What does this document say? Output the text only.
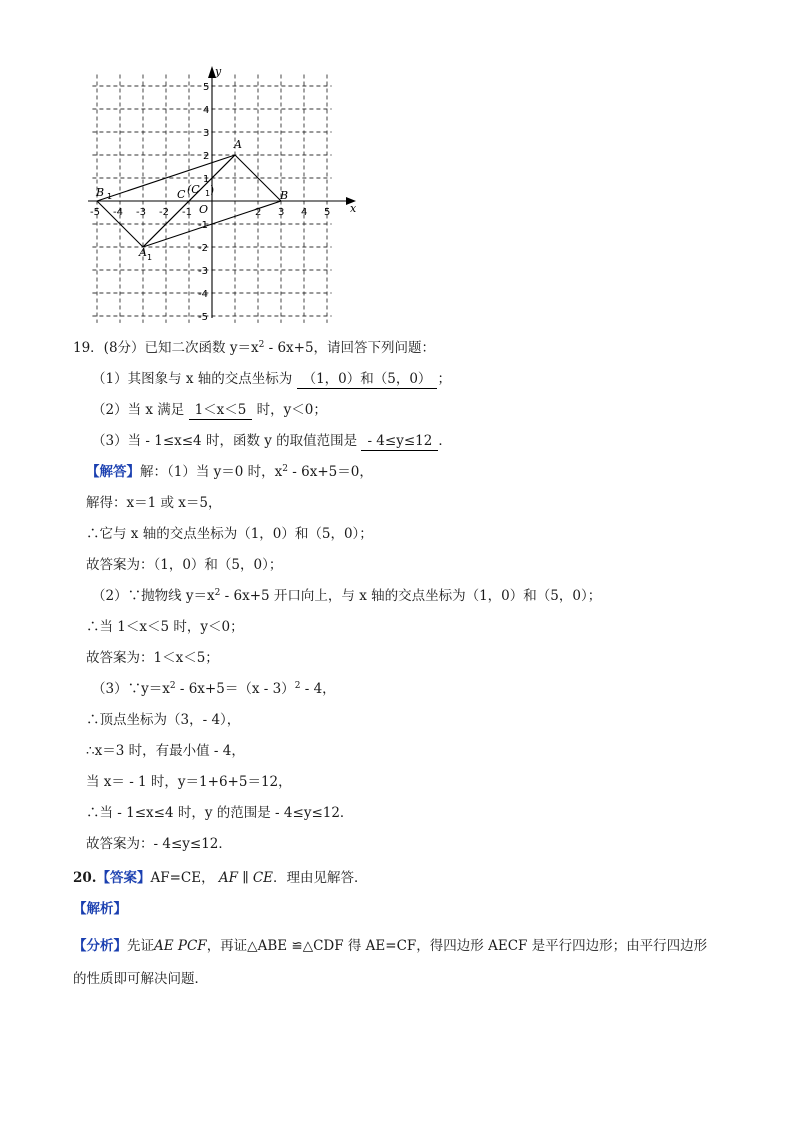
x
y
O
-5 -4 -3 -2 -1	2 3 4 5
5
4
3
2
1
-1
-2
-3
-4
-5
A
B
C
B 1
A 1
(C 1 )
19．(8分）已知二次函数 $y=x^2 - 6x+5$，请回答下列问题：
（1）其图象与 x 轴的交点坐标为 （1，0）和（5，0） ；
（2）当 x 满足 1＜x＜5 时，y＜0；
（3）当 - 1≤x≤4 时，函数 y 的取值范围是 - 4≤y≤12 ．
【解答】解：（1）当 y＝0 时，$x^2 - 6x+5=0$，
解得：x＝1 或 x＝5，
∴它与 x 轴的交点坐标为（1，0）和（5，0）；
故答案为：（1，0）和（5，0）；
（2）∵抛物线 $y=x^2 - 6x+5$ 开口向上，与 x 轴的交点坐标为（1，0）和（5，0）；
∴当 1＜x＜5 时，y＜0；
故答案为：1＜x＜5；
$(3)\because y=x^2 - 6x+5=(x - 3)^2 - 4$，
∴顶点坐标为（3，- 4），
∴x＝3 时，有最小值 - 4，
当 x＝ - 1 时，y＝1+6+5＝12，
∴当 - 1≤x≤4 时，y 的范围是 - 4≤y≤12．
故答案为：- 4≤y≤12．
20.【答案】AF=CE， AF ∥ CE．理由见解答．
【解析】
【分析】先证AE PCF，再证△ABE ≌△CDF 得 AE=CF，得四边形 AECF 是平行四边形；由平行四边形
的性质即可解决问题．
